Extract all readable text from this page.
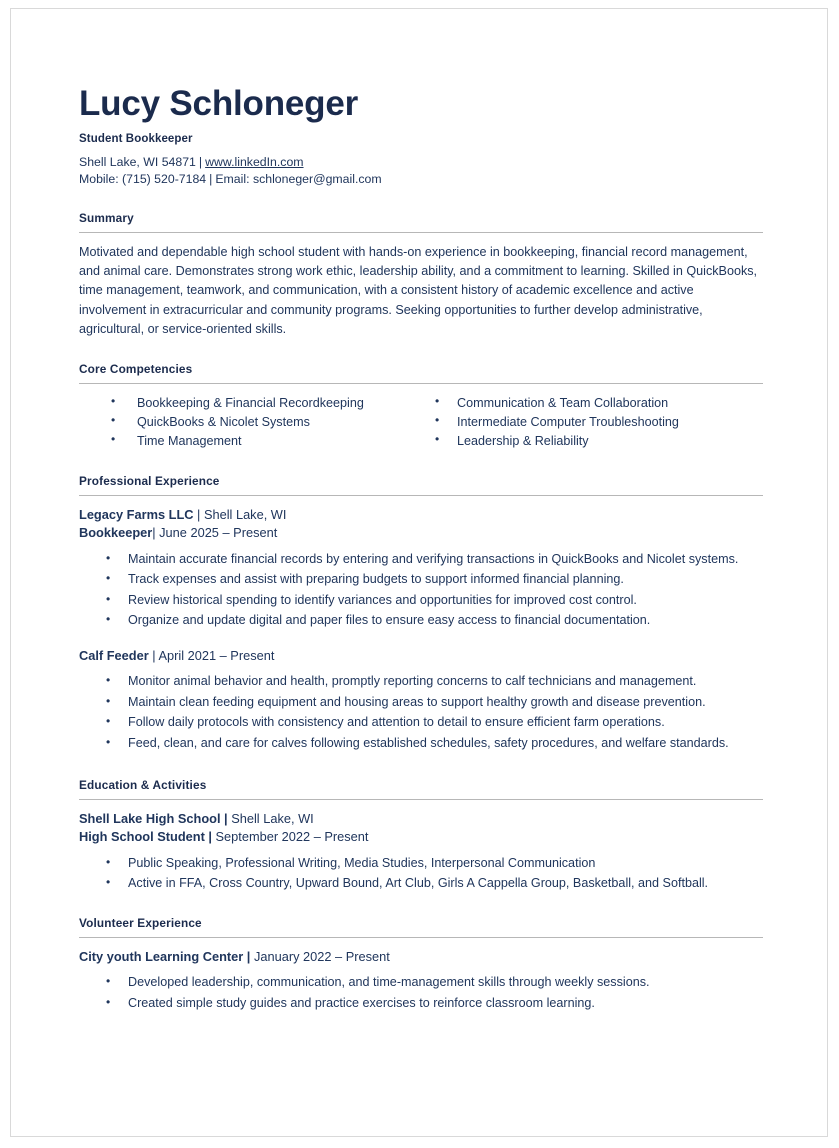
Lucy Schloneger
Student Bookkeeper
Shell Lake, WI 54871 | www.linkedIn.com
Mobile: (715) 520-7184 | Email: schloneger@gmail.com
Summary

Motivated and dependable high school student with hands-on experience in bookkeeping, financial record management, and animal care. Demonstrates strong work ethic, leadership ability, and a commitment to learning. Skilled in QuickBooks, time management, teamwork, and communication, with a consistent history of academic excellence and active involvement in extracurricular and community programs. Seeking opportunities to further develop administrative, agricultural, or service-oriented skills.

Core Competencies
• Bookkeeping & Financial Recordkeeping
• QuickBooks & Nicolet Systems
• Time Management
• Communication & Team Collaboration
• Intermediate Computer Troubleshooting
• Leadership & Reliability
Professional Experience

Legacy Farms LLC | Shell Lake, WI

Bookkeeper| June 2025 – Present

• Maintain accurate financial records by entering and verifying transactions in QuickBooks and Nicolet systems.
• Track expenses and assist with preparing budgets to support informed financial planning.
• Review historical spending to identify variances and opportunities for improved cost control.
• Organize and update digital and paper files to ensure easy access to financial documentation.

Calf Feeder | April 2021 – Present

• Monitor animal behavior and health, promptly reporting concerns to calf technicians and management.
• Maintain clean feeding equipment and housing areas to support healthy growth and disease prevention.
• Follow daily protocols with consistency and attention to detail to ensure efficient farm operations.
• Feed, clean, and care for calves following established schedules, safety procedures, and welfare standards.
Education & Activities

Shell Lake High School | Shell Lake, WI

High School Student | September 2022 – Present

• Public Speaking, Professional Writing, Media Studies, Interpersonal Communication
• Active in FFA, Cross Country, Upward Bound, Art Club, Girls A Cappella Group, Basketball, and Softball.
Volunteer Experience

City youth Learning Center | January 2022 – Present

• Developed leadership, communication, and time-management skills through weekly sessions.
• Created simple study guides and practice exercises to reinforce classroom learning.
